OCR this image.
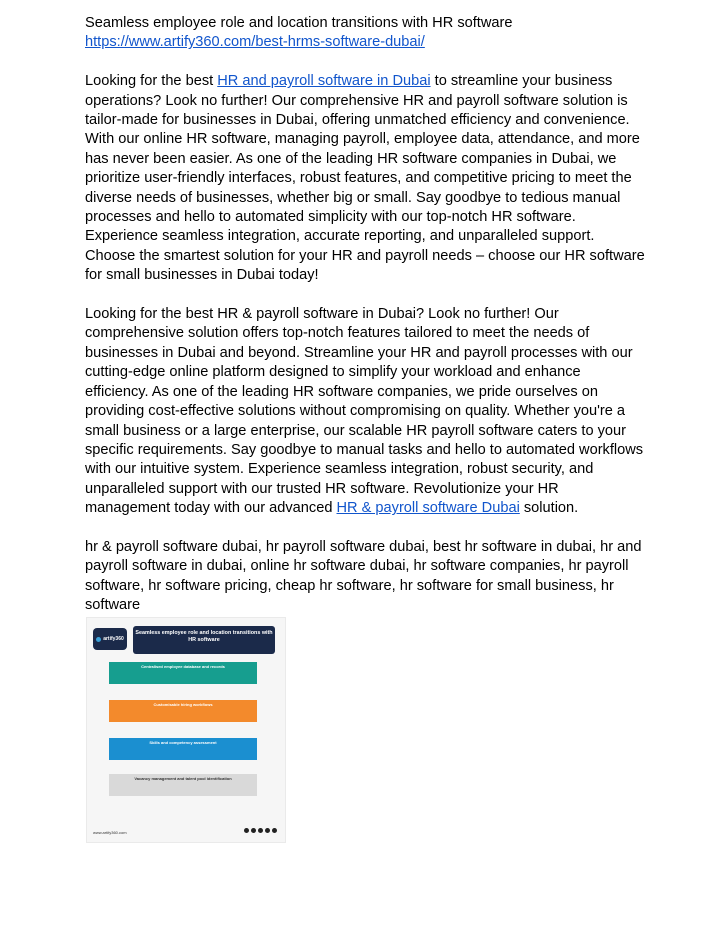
Seamless employee role and location transitions with HR software

https://www.artify360.com/best-hrms-software-dubai/

Looking for the best HR and payroll software in Dubai to streamline your business operations? Look no further! Our comprehensive HR and payroll software solution is tailor-made for businesses in Dubai, offering unmatched efficiency and convenience. With our online HR software, managing payroll, employee data, attendance, and more has never been easier. As one of the leading HR software companies in Dubai, we prioritize user-friendly interfaces, robust features, and competitive pricing to meet the diverse needs of businesses, whether big or small. Say goodbye to tedious manual processes and hello to automated simplicity with our top-notch HR software. Experience seamless integration, accurate reporting, and unparalleled support. Choose the smartest solution for your HR and payroll needs – choose our HR software for small businesses in Dubai today!

Looking for the best HR & payroll software in Dubai? Look no further! Our comprehensive solution offers top-notch features tailored to meet the needs of businesses in Dubai and beyond. Streamline your HR and payroll processes with our cutting-edge online platform designed to simplify your workload and enhance efficiency. As one of the leading HR software companies, we pride ourselves on providing cost-effective solutions without compromising on quality. Whether you're a small business or a large enterprise, our scalable HR payroll software caters to your specific requirements. Say goodbye to manual tasks and hello to automated workflows with our intuitive system. Experience seamless integration, robust security, and unparalleled support with our trusted HR software. Revolutionize your HR management today with our advanced HR & payroll software Dubai solution.

hr & payroll software dubai, hr payroll software dubai, best hr software in dubai, hr and payroll software in dubai, online hr software dubai, hr software companies, hr payroll software, hr software pricing, cheap hr software, hr software for small business, hr software

artify360
Seamless employee role and location transitions with HR software
Centralised employee database and records
Customisable hiring workflows
Skills and competency assessment
Vacancy management and talent pool identification
www.artify360.com
